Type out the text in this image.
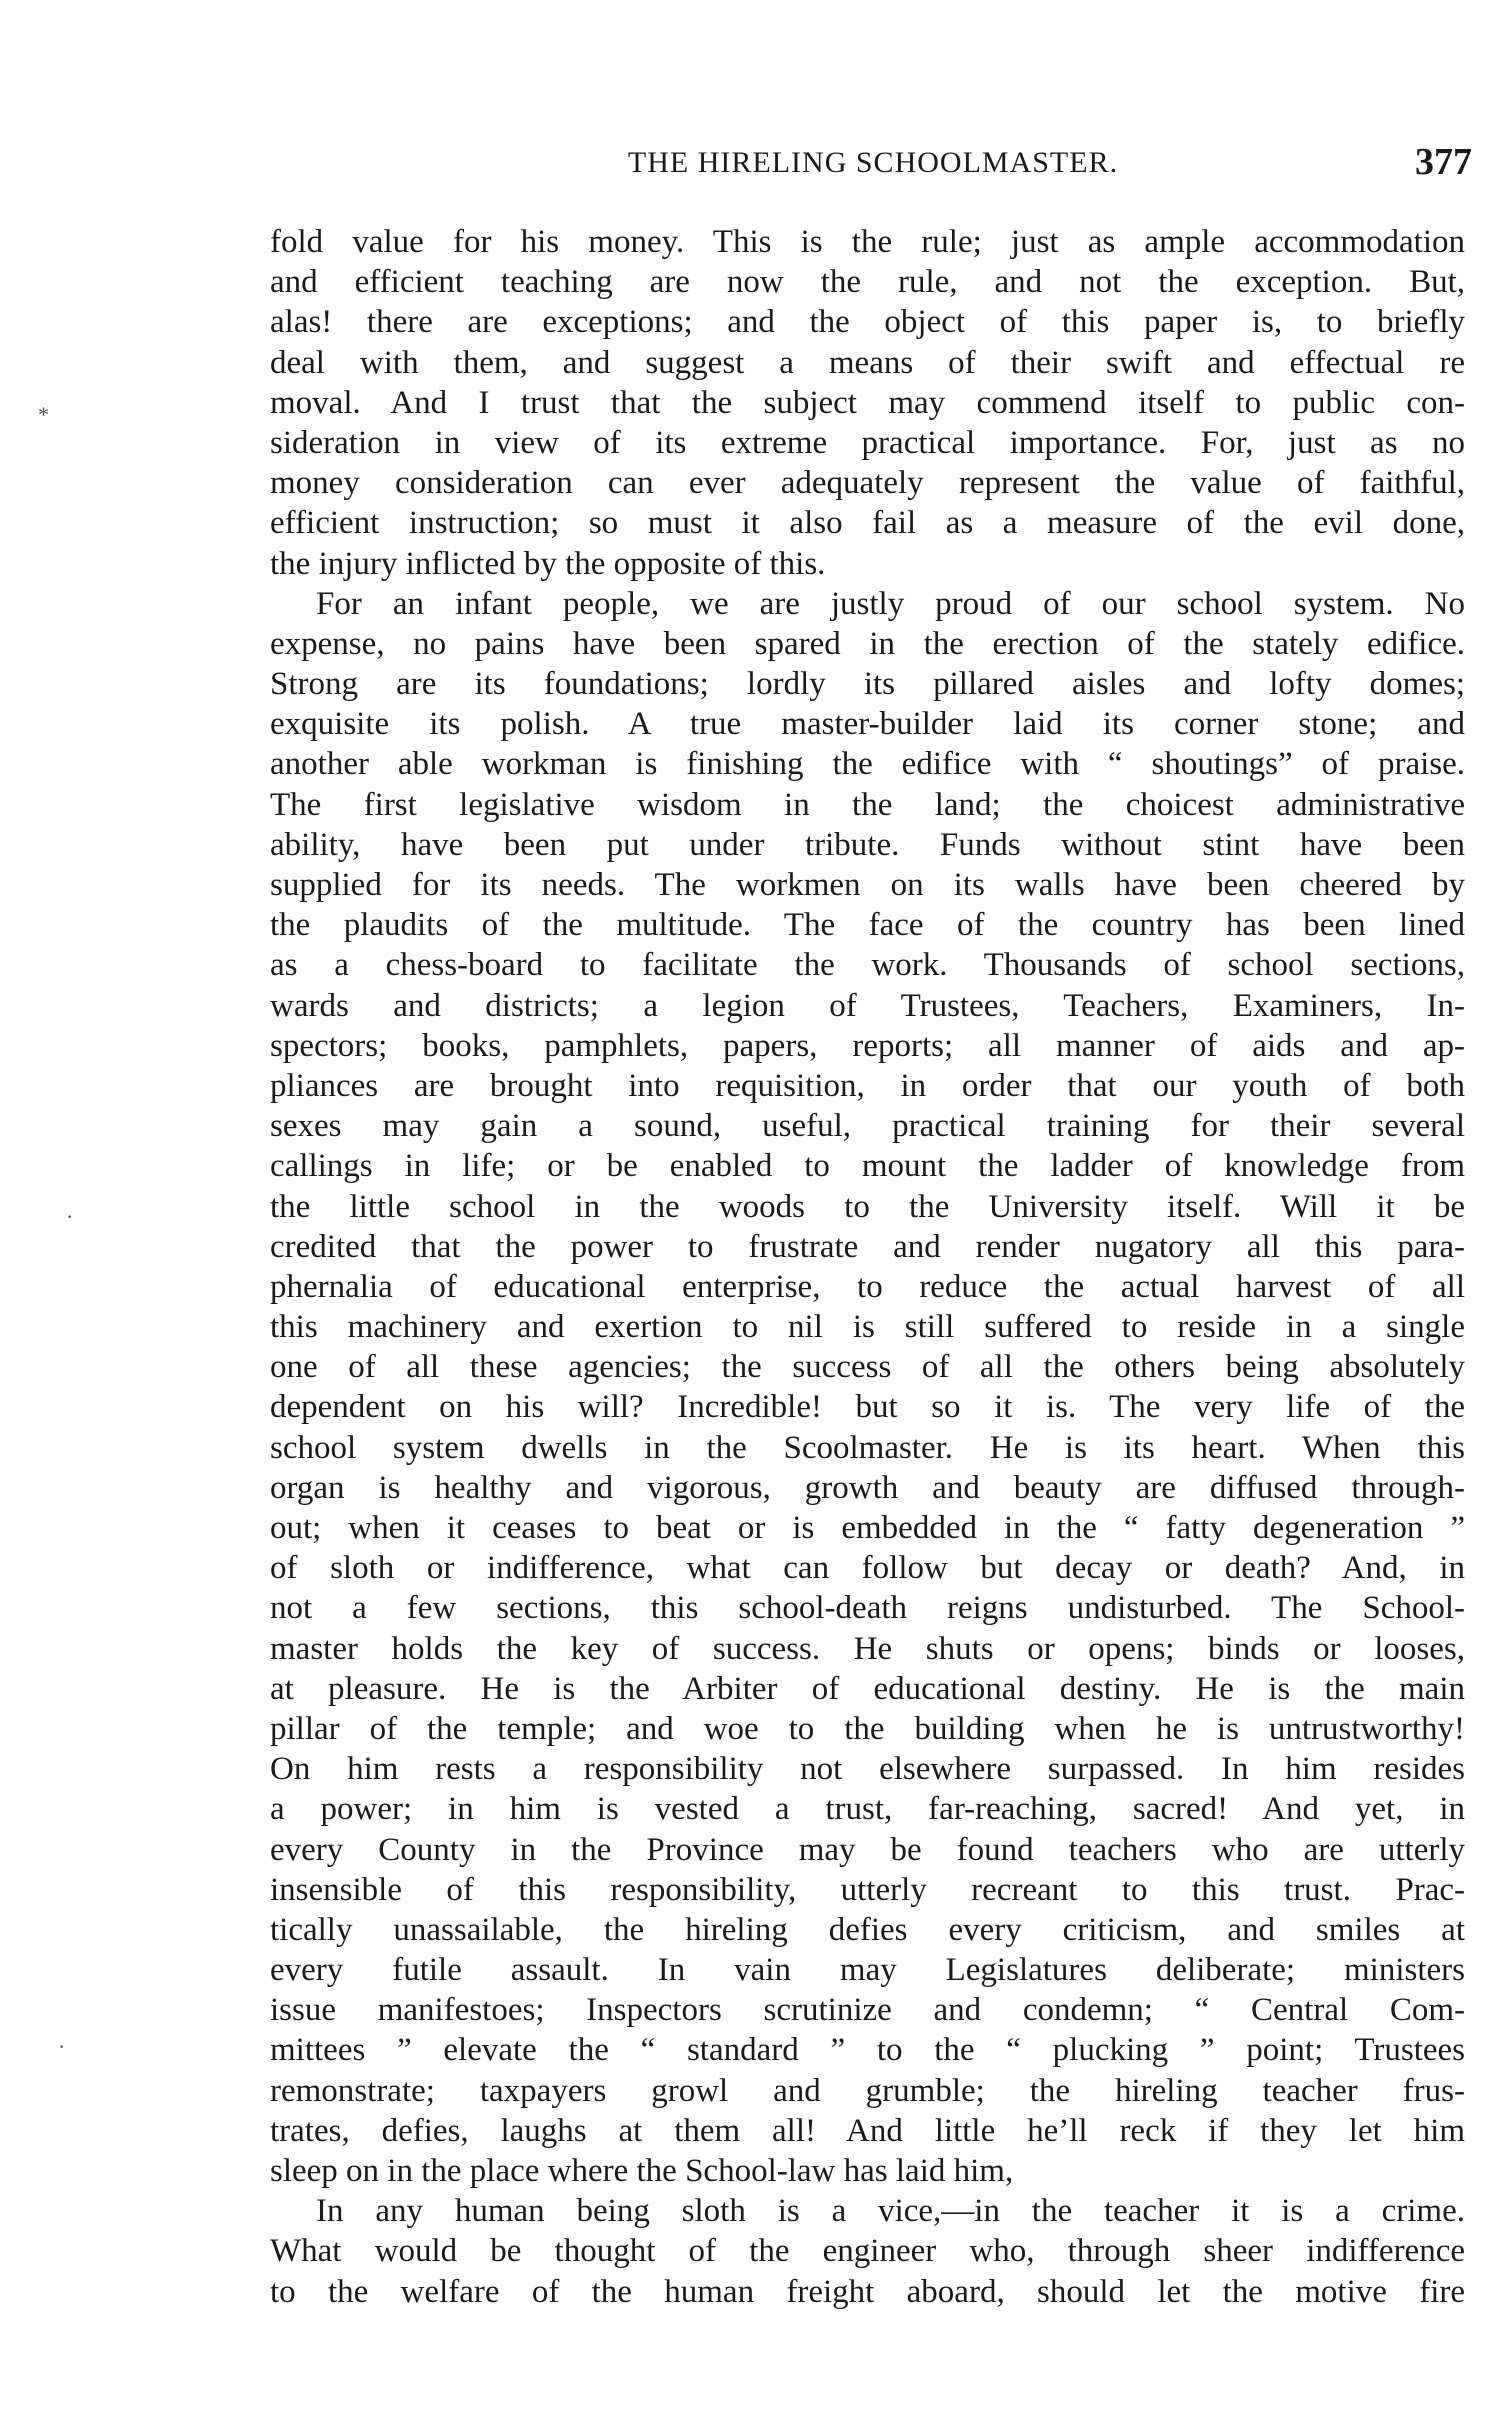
THE HIRELING SCHOOLMASTER.	377
*
·
·
fold value for his money. This is the rule; just as ample accommodation
and efficient teaching are now the rule, and not the exception. But,
alas! there are exceptions; and the object of this paper is, to briefly
deal with them, and suggest a means of their swift and effectual re
moval. And I trust that the subject may commend itself to public con-
sideration in view of its extreme practical importance. For, just as no
money consideration can ever adequately represent the value of faithful,
efficient instruction; so must it also fail as a measure of the evil done,
the injury inflicted by the opposite of this.
For an infant people, we are justly proud of our school system. No
expense, no pains have been spared in the erection of the stately edifice.
Strong are its foundations; lordly its pillared aisles and lofty domes;
exquisite its polish. A true master-builder laid its corner stone; and
another able workman is finishing the edifice with “ shoutings” of praise.
The first legislative wisdom in the land; the choicest administrative
ability, have been put under tribute. Funds without stint have been
supplied for its needs. The workmen on its walls have been cheered by
the plaudits of the multitude. The face of the country has been lined
as a chess-board to facilitate the work. Thousands of school sections,
wards and districts; a legion of Trustees, Teachers, Examiners, In-
spectors; books, pamphlets, papers, reports; all manner of aids and ap-
pliances are brought into requisition, in order that our youth of both
sexes may gain a sound, useful, practical training for their several
callings in life; or be enabled to mount the ladder of knowledge from
the little school in the woods to the University itself. Will it be
credited that the power to frustrate and render nugatory all this para-
phernalia of educational enterprise, to reduce the actual harvest of all
this machinery and exertion to nil is still suffered to reside in a single
one of all these agencies; the success of all the others being absolutely
dependent on his will? Incredible! but so it is. The very life of the
school system dwells in the Scoolmaster. He is its heart. When this
organ is healthy and vigorous, growth and beauty are diffused through-
out; when it ceases to beat or is embedded in the “ fatty degeneration ”
of sloth or indifference, what can follow but decay or death? And, in
not a few sections, this school-death reigns undisturbed. The School-
master holds the key of success. He shuts or opens; binds or looses,
at pleasure. He is the Arbiter of educational destiny. He is the main
pillar of the temple; and woe to the building when he is untrustworthy!
On him rests a responsibility not elsewhere surpassed. In him resides
a power; in him is vested a trust, far-reaching, sacred! And yet, in
every County in the Province may be found teachers who are utterly
insensible of this responsibility, utterly recreant to this trust. Prac-
tically unassailable, the hireling defies every criticism, and smiles at
every futile assault. In vain may Legislatures deliberate; ministers
issue manifestoes; Inspectors scrutinize and condemn; “ Central Com-
mittees ” elevate the “ standard ” to the “ plucking ” point; Trustees
remonstrate; taxpayers growl and grumble; the hireling teacher frus-
trates, defies, laughs at them all! And little he’ll reck if they let him
sleep on in the place where the School-law has laid him,
In any human being sloth is a vice,—in the teacher it is a crime.
What would be thought of the engineer who, through sheer indifference
to the welfare of the human freight aboard, should let the motive fire
